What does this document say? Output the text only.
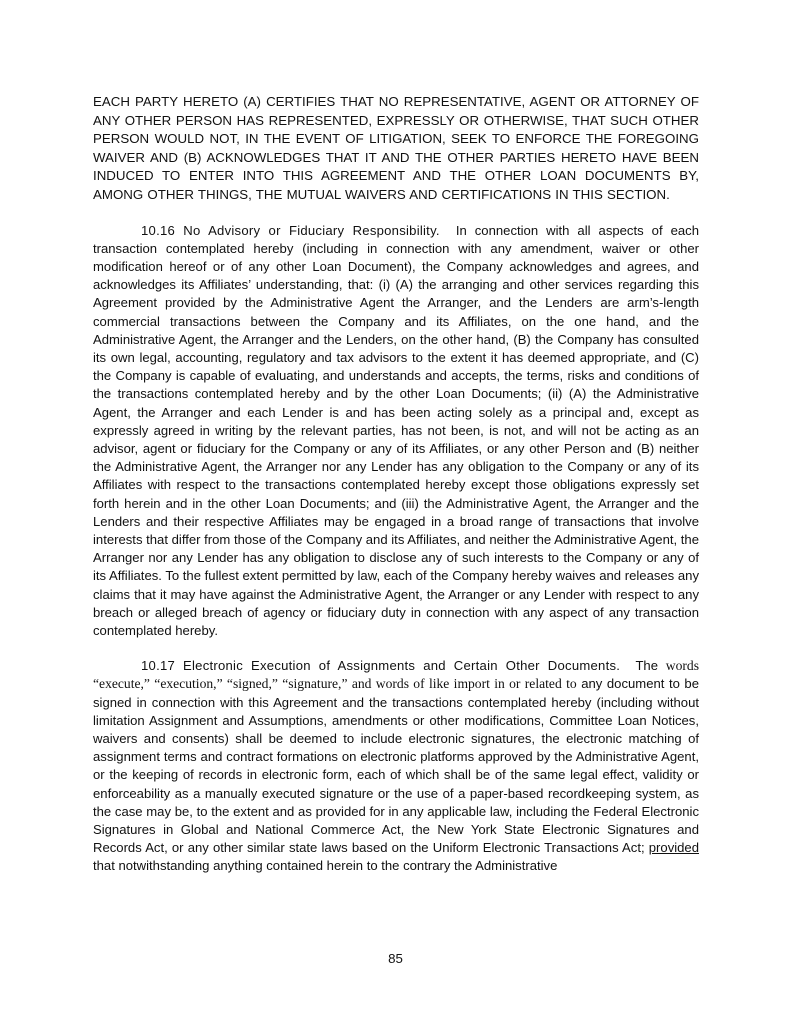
EACH PARTY HERETO (A) CERTIFIES THAT NO REPRESENTATIVE, AGENT OR ATTORNEY OF ANY OTHER PERSON HAS REPRESENTED, EXPRESSLY OR OTHERWISE, THAT SUCH OTHER PERSON WOULD NOT, IN THE EVENT OF LITIGATION, SEEK TO ENFORCE THE FOREGOING WAIVER AND (B) ACKNOWLEDGES THAT IT AND THE OTHER PARTIES HERETO HAVE BEEN INDUCED TO ENTER INTO THIS AGREEMENT AND THE OTHER LOAN DOCUMENTS BY, AMONG OTHER THINGS, THE MUTUAL WAIVERS AND CERTIFICATIONS IN THIS SECTION.

10.16 No Advisory or Fiduciary Responsibility. In connection with all aspects of each transaction contemplated hereby (including in connection with any amendment, waiver or other modification hereof or of any other Loan Document), the Company acknowledges and agrees, and acknowledges its Affiliates’ understanding, that: (i) (A) the arranging and other services regarding this Agreement provided by the Administrative Agent the Arranger, and the Lenders are arm’s-length commercial transactions between the Company and its Affiliates, on the one hand, and the Administrative Agent, the Arranger and the Lenders, on the other hand, (B) the Company has consulted its own legal, accounting, regulatory and tax advisors to the extent it has deemed appropriate, and (C) the Company is capable of evaluating, and understands and accepts, the terms, risks and conditions of the transactions contemplated hereby and by the other Loan Documents; (ii) (A) the Administrative Agent, the Arranger and each Lender is and has been acting solely as a principal and, except as expressly agreed in writing by the relevant parties, has not been, is not, and will not be acting as an advisor, agent or fiduciary for the Company or any of its Affiliates, or any other Person and (B) neither the Administrative Agent, the Arranger nor any Lender has any obligation to the Company or any of its Affiliates with respect to the transactions contemplated hereby except those obligations expressly set forth herein and in the other Loan Documents; and (iii) the Administrative Agent, the Arranger and the Lenders and their respective Affiliates may be engaged in a broad range of transactions that involve interests that differ from those of the Company and its Affiliates, and neither the Administrative Agent, the Arranger nor any Lender has any obligation to disclose any of such interests to the Company or any of its Affiliates. To the fullest extent permitted by law, each of the Company hereby waives and releases any claims that it may have against the Administrative Agent, the Arranger or any Lender with respect to any breach or alleged breach of agency or fiduciary duty in connection with any aspect of any transaction contemplated hereby.

10.17 Electronic Execution of Assignments and Certain Other Documents. The words “execute,” “execution,” “signed,” “signature,” and words of like import in or related to any document to be signed in connection with this Agreement and the transactions contemplated hereby (including without limitation Assignment and Assumptions, amendments or other modifications, Committee Loan Notices, waivers and consents) shall be deemed to include electronic signatures, the electronic matching of assignment terms and contract formations on electronic platforms approved by the Administrative Agent, or the keeping of records in electronic form, each of which shall be of the same legal effect, validity or enforceability as a manually executed signature or the use of a paper-based recordkeeping system, as the case may be, to the extent and as provided for in any applicable law, including the Federal Electronic Signatures in Global and National Commerce Act, the New York State Electronic Signatures and Records Act, or any other similar state laws based on the Uniform Electronic Transactions Act; provided that notwithstanding anything contained herein to the contrary the Administrative

85
